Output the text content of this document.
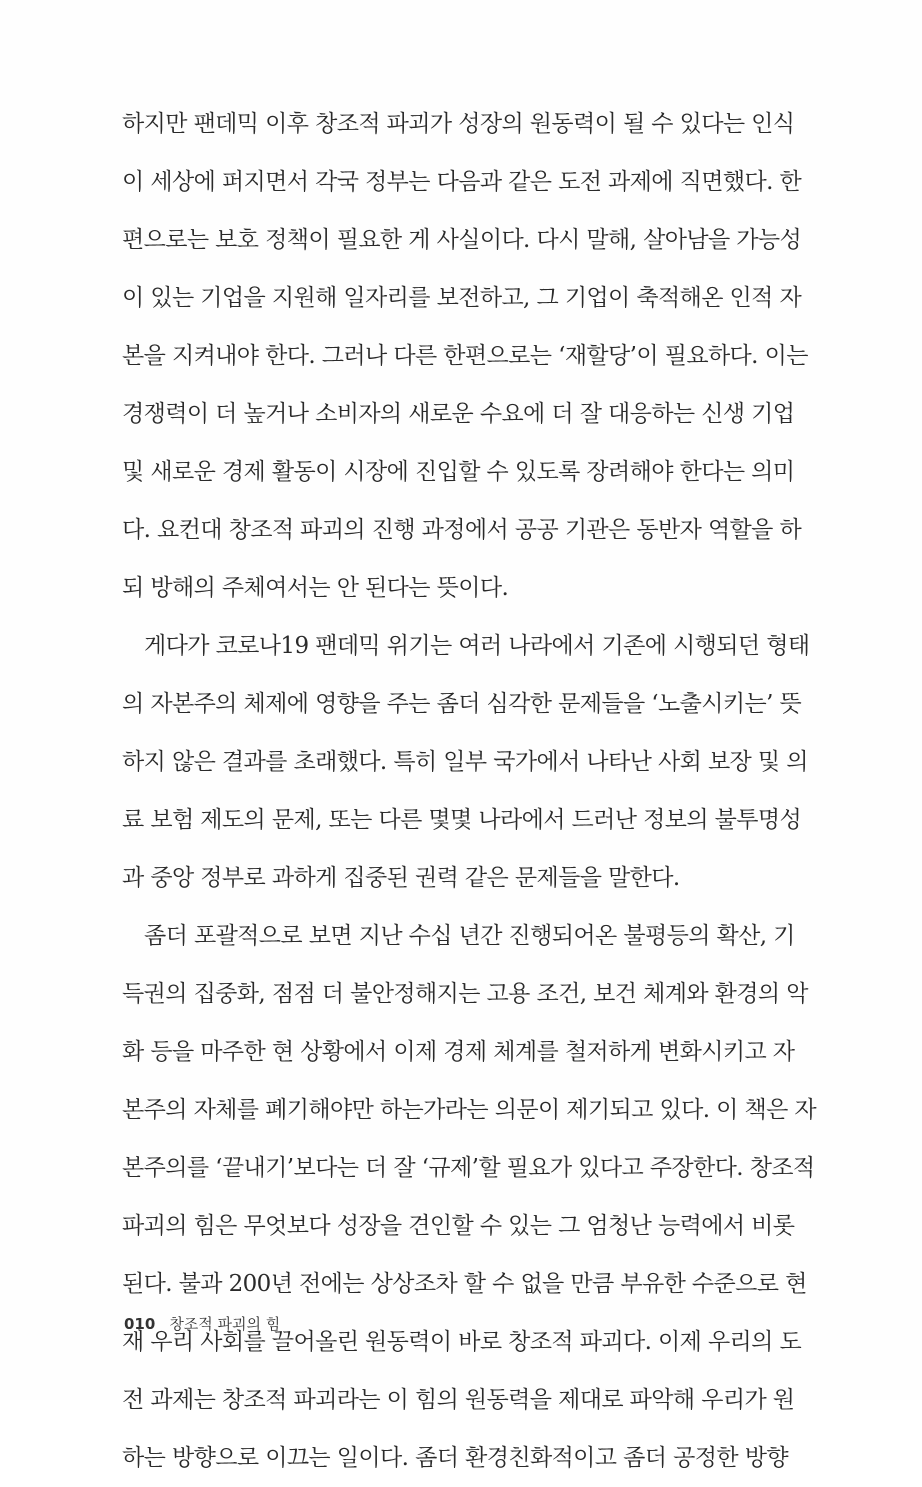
하지만 팬데믹 이후 창조적 파괴가 성장의 원동력이 될 수 있다는 인식
이 세상에 퍼지면서 각국 정부는 다음과 같은 도전 과제에 직면했다. 한
편으로는 보호 정책이 필요한 게 사실이다. 다시 말해, 살아남을 가능성
이 있는 기업을 지원해 일자리를 보전하고, 그 기업이 축적해온 인적 자
본을 지켜내야 한다. 그러나 다른 한편으로는 ‘재할당’이 필요하다. 이는
경쟁력이 더 높거나 소비자의 새로운 수요에 더 잘 대응하는 신생 기업
및 새로운 경제 활동이 시장에 진입할 수 있도록 장려해야 한다는 의미
다. 요컨대 창조적 파괴의 진행 과정에서 공공 기관은 동반자 역할을 하
되 방해의 주체여서는 안 된다는 뜻이다.
게다가 코로나19 팬데믹 위기는 여러 나라에서 기존에 시행되던 형태
의 자본주의 체제에 영향을 주는 좀더 심각한 문제들을 ‘노출시키는’ 뜻
하지 않은 결과를 초래했다. 특히 일부 국가에서 나타난 사회 보장 및 의
료 보험 제도의 문제, 또는 다른 몇몇 나라에서 드러난 정보의 불투명성
과 중앙 정부로 과하게 집중된 권력 같은 문제들을 말한다.
좀더 포괄적으로 보면 지난 수십 년간 진행되어온 불평등의 확산, 기
득권의 집중화, 점점 더 불안정해지는 고용 조건, 보건 체계와 환경의 악
화 등을 마주한 현 상황에서 이제 경제 체계를 철저하게 변화시키고 자
본주의 자체를 폐기해야만 하는가라는 의문이 제기되고 있다. 이 책은 자
본주의를 ‘끝내기’보다는 더 잘 ‘규제’할 필요가 있다고 주장한다. 창조적
파괴의 힘은 무엇보다 성장을 견인할 수 있는 그 엄청난 능력에서 비롯
된다. 불과 200년 전에는 상상조차 할 수 없을 만큼 부유한 수준으로 현
재 우리 사회를 끌어올린 원동력이 바로 창조적 파괴다. 이제 우리의 도
전 과제는 창조적 파괴라는 이 힘의 원동력을 제대로 파악해 우리가 원
하는 방향으로 이끄는 일이다. 좀더 환경친화적이고 좀더 공정한 방향
010 창조적 파괴의 힘
